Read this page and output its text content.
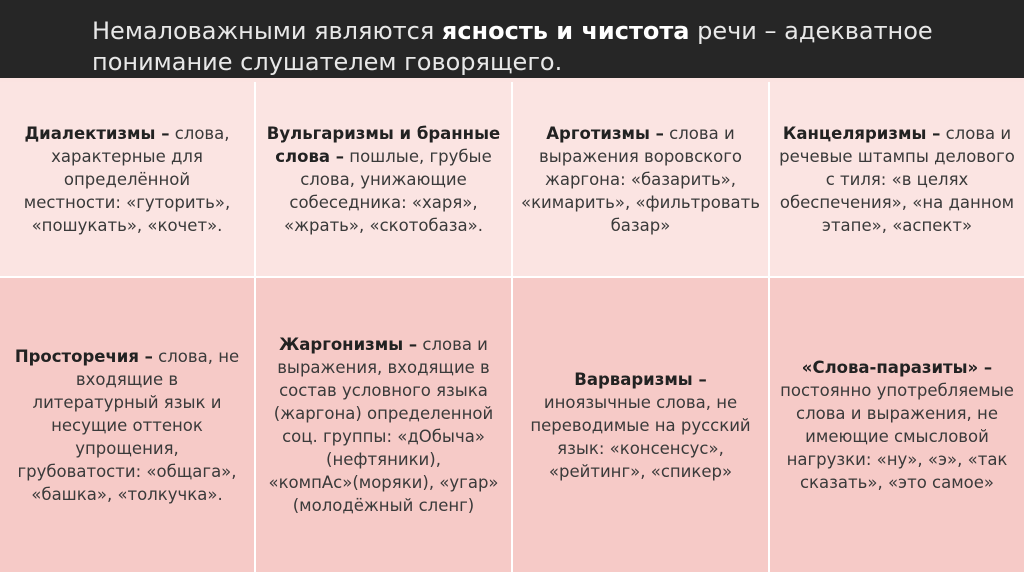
Немаловажными являются ясность и чистота речи – адекватное
понимание слушателем говорящего.

Диалектизмы – слова, характерные для определённой местности: «гуторить», «пошукать», «кочет».
Вульгаризмы и бранные слова – пошлые, грубые слова, унижающие собеседника: «харя», «жрать», «скотобаза».
Арготизмы – слова и выражения воровского жаргона: «базарить», «кимарить», «фильтровать базар»
Канцеляризмы – слова и речевые штампы делового с тиля: «в целях обеспечения», «на данном этапе», «аспект»
Просторечия – слова, не входящие в литературный язык и несущие оттенок упрощения, грубоватости: «общага», «башка», «толкучка».
Жаргонизмы – слова и выражения, входящие в состав условного языка (жаргона) определенной соц. группы: «дОбыча» (нефтяники), «компАс»(моряки), «угар» (молодёжный сленг)
Варваризмы – иноязычные слова, не переводимые на русский язык: «консенсус», «рейтинг», «спикер»
«Слова-паразиты» – постоянно употребляемые слова и выражения, не имеющие смысловой нагрузки: «ну», «э», «так сказать», «это самое»
